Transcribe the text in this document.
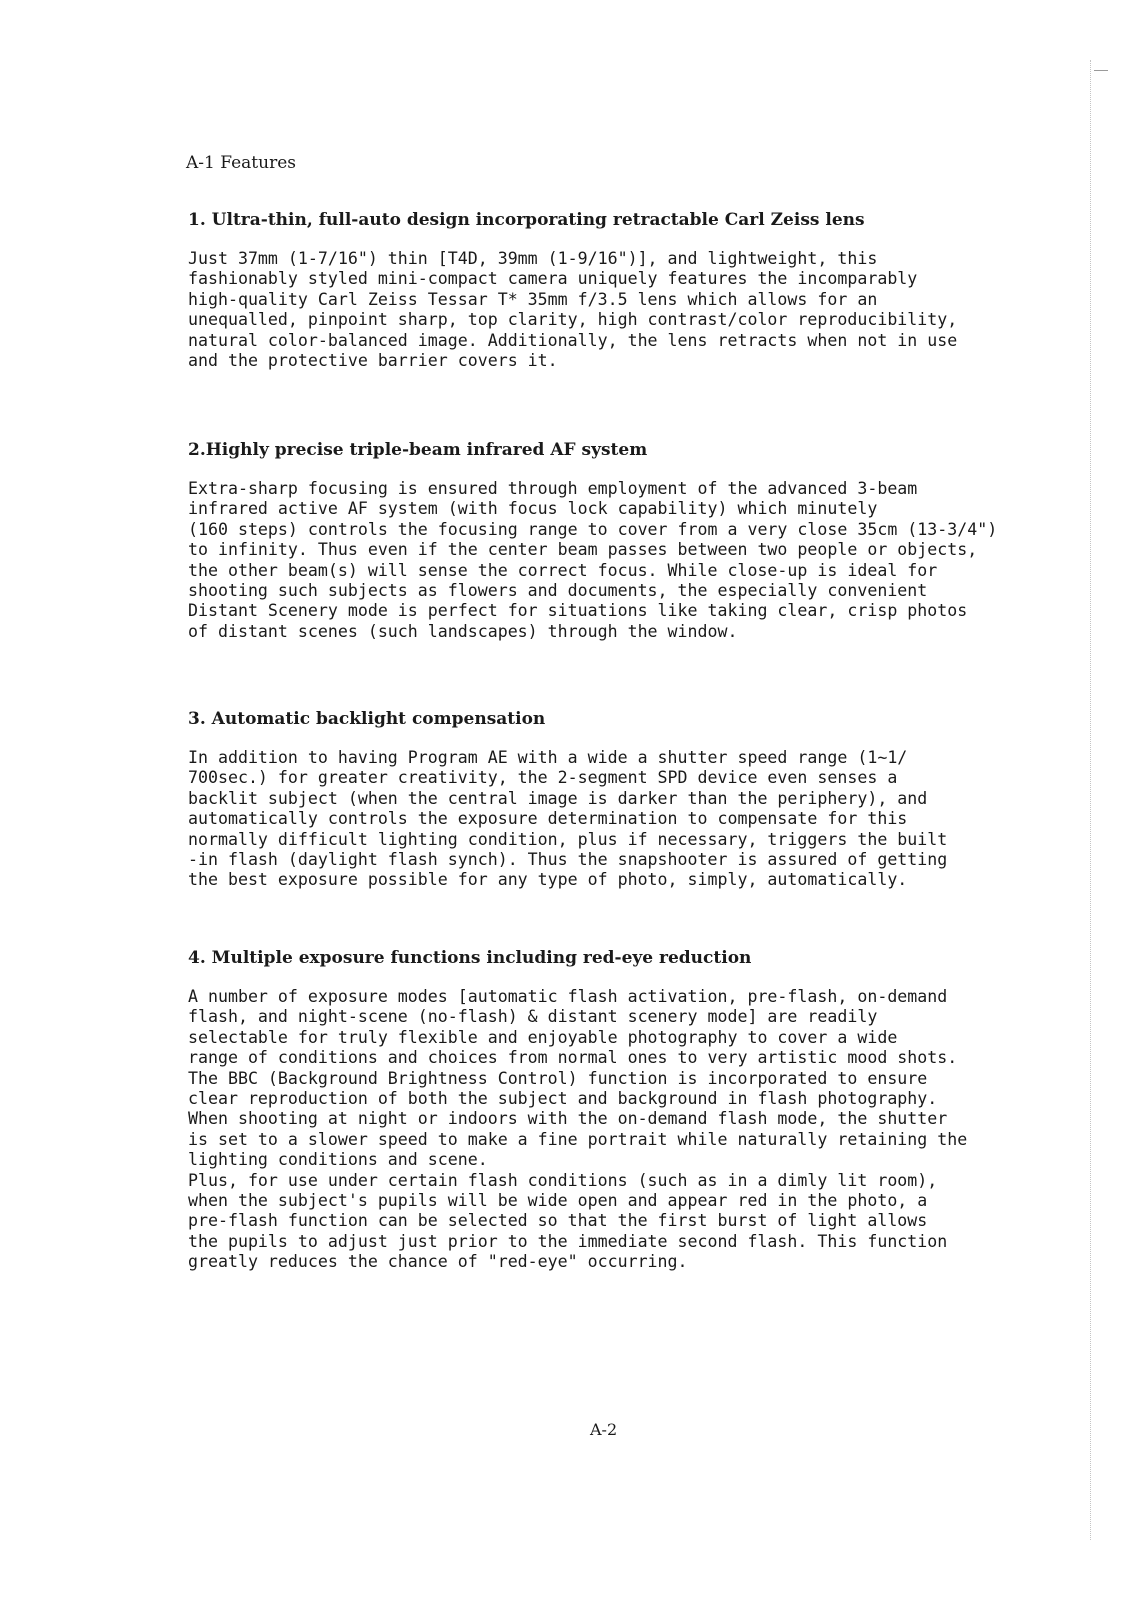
A-1 Features
1. Ultra-thin, full-auto design incorporating retractable Carl Zeiss lens

Just 37mm (1-7/16") thin [T4D, 39mm (1-9/16")], and lightweight, this
fashionably styled mini-compact camera uniquely features the incomparably
high-quality Carl Zeiss Tessar T* 35mm f/3.5 lens which allows for an
unequalled, pinpoint sharp, top clarity, high contrast/color reproducibility,
natural color-balanced image. Additionally, the lens retracts when not in use
and the protective barrier covers it.

2.Highly precise triple-beam infrared AF system

Extra-sharp focusing is ensured through employment of the advanced 3-beam
infrared active AF system (with focus lock capability) which minutely
(160 steps) controls the focusing range to cover from a very close 35cm (13-3/4")
to infinity. Thus even if the center beam passes between two people or objects,
the other beam(s) will sense the correct focus. While close-up is ideal for
shooting such subjects as flowers and documents, the especially convenient
Distant Scenery mode is perfect for situations like taking clear, crisp photos
of distant scenes (such landscapes) through the window.

3. Automatic backlight compensation

In addition to having Program AE with a wide a shutter speed range (1~1/
700sec.) for greater creativity, the 2-segment SPD device even senses a
backlit subject (when the central image is darker than the periphery), and
automatically controls the exposure determination to compensate for this
normally difficult lighting condition, plus if necessary, triggers the built
-in flash (daylight flash synch). Thus the snapshooter is assured of getting
the best exposure possible for any type of photo, simply, automatically.

4. Multiple exposure functions including red-eye reduction

A number of exposure modes [automatic flash activation, pre-flash, on-demand
flash, and night-scene (no-flash) & distant scenery mode] are readily
selectable for truly flexible and enjoyable photography to cover a wide
range of conditions and choices from normal ones to very artistic mood shots.
The BBC (Background Brightness Control) function is incorporated to ensure
clear reproduction of both the subject and background in flash photography.
When shooting at night or indoors with the on-demand flash mode, the shutter
is set to a slower speed to make a fine portrait while naturally retaining the
lighting conditions and scene.
Plus, for use under certain flash conditions (such as in a dimly lit room),
when the subject's pupils will be wide open and appear red in the photo, a
pre-flash function can be selected so that the first burst of light allows
the pupils to adjust just prior to the immediate second flash. This function
greatly reduces the chance of "red-eye" occurring.

A-2
